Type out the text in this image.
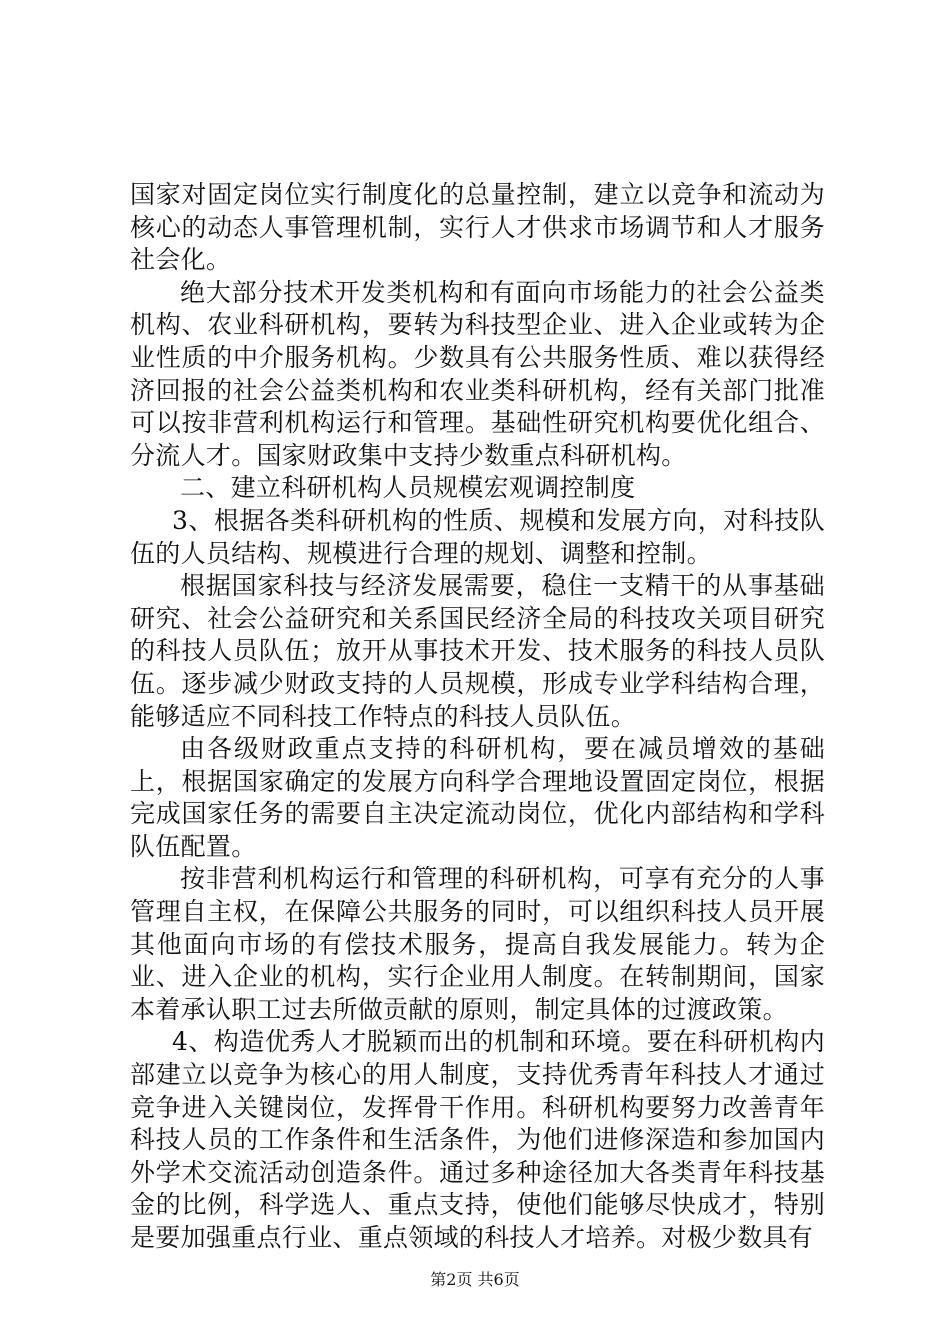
国家对固定岗位实行制度化的总量控制，建立以竞争和流动为核心的动态人事管理机制，实行人才供求市场调节和人才服务社会化。

绝大部分技术开发类机构和有面向市场能力的社会公益类机构、农业科研机构，要转为科技型企业、进入企业或转为企业性质的中介服务机构。少数具有公共服务性质、难以获得经济回报的社会公益类机构和农业类科研机构，经有关部门批准可以按非营利机构运行和管理。基础性研究机构要优化组合、分流人才。国家财政集中支持少数重点科研机构。

二、建立科研机构人员规模宏观调控制度

3、根据各类科研机构的性质、规模和发展方向，对科技队伍的人员结构、规模进行合理的规划、调整和控制。

根据国家科技与经济发展需要，稳住一支精干的从事基础研究、社会公益研究和关系国民经济全局的科技攻关项目研究的科技人员队伍；放开从事技术开发、技术服务的科技人员队伍。逐步减少财政支持的人员规模，形成专业学科结构合理，能够适应不同科技工作特点的科技人员队伍。

由各级财政重点支持的科研机构，要在减员增效的基础上，根据国家确定的发展方向科学合理地设置固定岗位，根据完成国家任务的需要自主决定流动岗位，优化内部结构和学科队伍配置。

按非营利机构运行和管理的科研机构，可享有充分的人事管理自主权，在保障公共服务的同时，可以组织科技人员开展其他面向市场的有偿技术服务，提高自我发展能力。转为企业、进入企业的机构，实行企业用人制度。在转制期间，国家本着承认职工过去所做贡献的原则，制定具体的过渡政策。

4、构造优秀人才脱颖而出的机制和环境。要在科研机构内部建立以竞争为核心的用人制度，支持优秀青年科技人才通过竞争进入关键岗位，发挥骨干作用。科研机构要努力改善青年科技人员的工作条件和生活条件，为他们进修深造和参加国内外学术交流活动创造条件。通过多种途径加大各类青年科技基金的比例，科学选人、重点支持，使他们能够尽快成才，特别是要加强重点行业、重点领域的科技人才培养。对极少数具有

第2页 共6页
